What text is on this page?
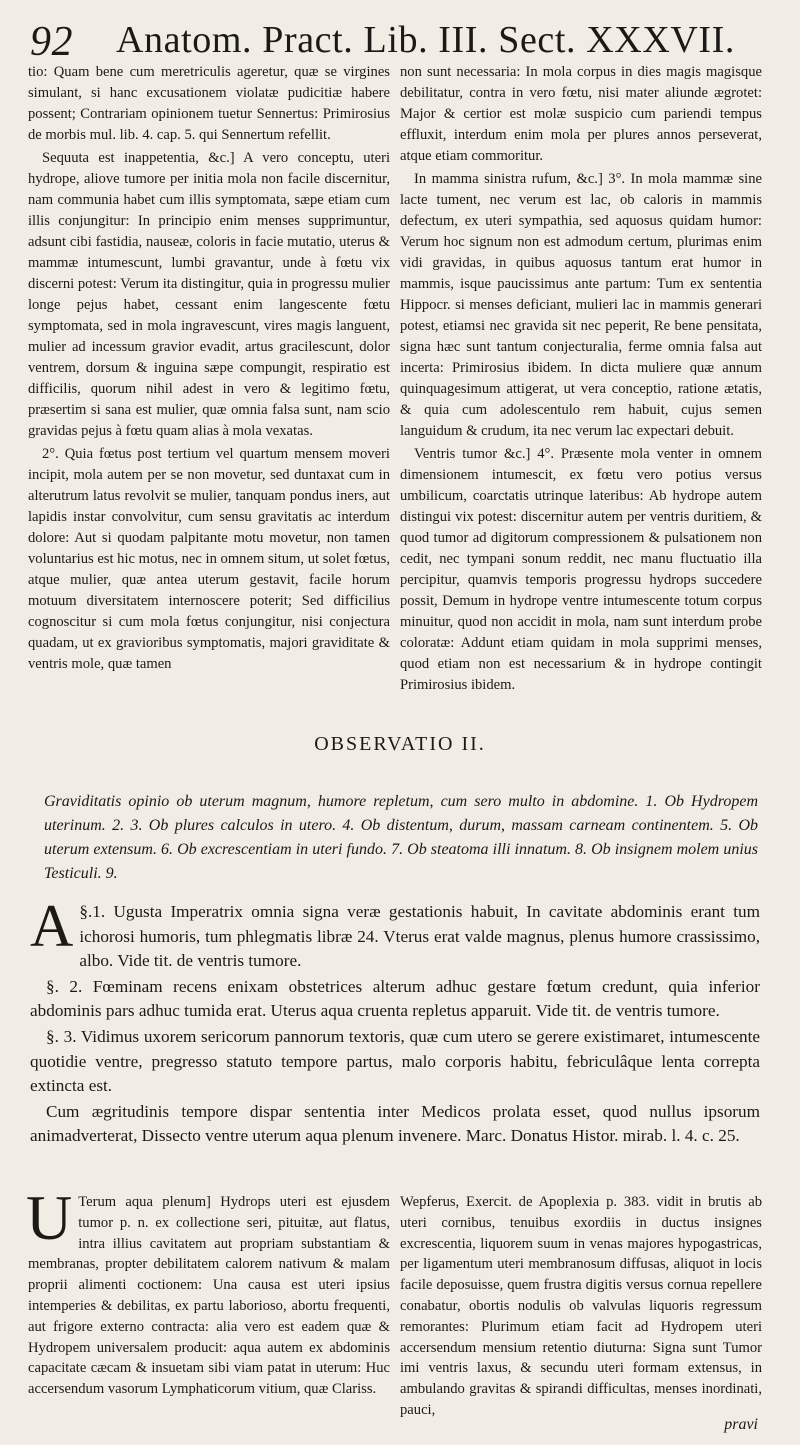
92 Anatom. Pract. Lib. III. Sect. XXXVII.

tio: Quam bene cum meretriculis ageretur, quæ se virgines simulant, si hanc excusationem violatæ pudicitiæ habere possent; Contrariam opinionem tuetur Sennertus: Primirosius de morbis mul. lib. 4. cap. 5. qui Sennertum refellit.

Sequuta est inappetentia, &c.] A vero conceptu, uteri hydrope, aliove tumore per initia mola non facile discernitur, nam communia habet cum illis symptomata, sæpe etiam cum illis conjungitur: In principio enim menses supprimuntur, adsunt cibi fastidia, nauseæ, coloris in facie mutatio, uterus & mammæ intumescunt, lumbi gravantur, unde à fœtu vix discerni potest: Verum ita distingitur, quia in progressu mulier longe pejus habet, cessant enim langescente fœtu symptomata, sed in mola ingravescunt, vires magis languent, mulier ad incessum gravior evadit, artus gracilescunt, dolor ventrem, dorsum & inguina sæpe compungit, respiratio est difficilis, quorum nihil adest in vero & legitimo fœtu, præsertim si sana est mulier, quæ omnia falsa sunt, nam scio gravidas pejus à fœtu quam alias à mola vexatas.

2°. Quia fœtus post tertium vel quartum mensem moveri incipit, mola autem per se non movetur, sed duntaxat cum in alterutrum latus revolvit se mulier, tanquam pondus iners, aut lapidis instar convolvitur, cum sensu gravitatis ac interdum dolore: Aut si quodam palpitante motu movetur, non tamen voluntarius est hic motus, nec in omnem situm, ut solet fœtus, atque mulier, quæ antea uterum gestavit, facile horum motuum diversitatem internoscere poterit; Sed difficilius cognoscitur si cum mola fœtus conjungitur, nisi conjectura quadam, ut ex gravioribus symptomatis, majori graviditate & ventris mole, quæ tamen

non sunt necessaria: In mola corpus in dies magis magisque debilitatur, contra in vero fœtu, nisi mater aliunde ægrotet: Major & certior est molæ suspicio cum pariendi tempus effluxit, interdum enim mola per plures annos perseverat, atque etiam commoritur.

In mamma sinistra rufum, &c.] 3°. In mola mammæ sine lacte tument, nec verum est lac, ob caloris in mammis defectum, ex uteri sympathia, sed aquosus quidam humor: Verum hoc signum non est admodum certum, plurimas enim vidi gravidas, in quibus aquosus tantum erat humor in mammis, isque paucissimus ante partum: Tum ex sententia Hippocr. si menses deficiant, mulieri lac in mammis generari potest, etiamsi nec gravida sit nec peperit, Re bene pensitata, signa hæc sunt tantum conjecturalia, ferme omnia falsa aut incerta: Primirosius ibidem. In dicta muliere quæ annum quinquagesimum attigerat, ut vera conceptio, ratione ætatis, & quia cum adolescentulo rem habuit, cujus semen languidum & crudum, ita nec verum lac expectari debuit.

Ventris tumor &c.] 4°. Præsente mola venter in omnem dimensionem intumescit, ex fœtu vero potius versus umbilicum, coarctatis utrinque lateribus: Ab hydrope autem distingui vix potest: discernitur autem per ventris duritiem, & quod tumor ad digitorum compressionem & pulsationem non cedit, nec tympani sonum reddit, nec manu fluctuatio illa percipitur, quamvis temporis progressu hydrops succedere possit, Demum in hydrope ventre intumescente totum corpus minuitur, quod non accidit in mola, nam sunt interdum probe coloratæ: Addunt etiam quidam in mola supprimi menses, quod etiam non est necessarium & in hydrope contingit Primirosius ibidem.

OBSERVATIO II.
Graviditatis opinio ob uterum magnum, humore repletum, cum sero multo in abdomine. 1. Ob Hydropem uterinum. 2. 3. Ob plures calculos in utero. 4. Ob distentum, durum, massam carneam continentem. 5. Ob uterum extensum. 6. Ob excrescentiam in uteri fundo. 7. Ob steatoma illi innatum. 8. Ob insignem molem unius Testiculi. 9.

§.1.
A Ugusta Imperatrix omnia signa veræ gestationis habuit, In cavitate abdominis erant tum ichorosi humoris, tum phlegmatis libræ 24. Vterus erat valde magnus, plenus humore crassissimo, albo. Vide tit. de ventris tumore.

§. 2. Fœminam recens enixam obstetrices alterum adhuc gestare fœtum credunt, quia inferior abdominis pars adhuc tumida erat. Uterus aqua cruenta repletus apparuit. Vide tit. de ventris tumore.

§. 3. Vidimus uxorem sericorum pannorum textoris, quæ cum utero se gerere existimaret, intumescente quotidie ventre, pregresso statuto tempore partus, malo corporis habitu, febriculâque lenta correpta extincta est.

Cum ægritudinis tempore dispar sententia inter Medicos prolata esset, quod nullus ipsorum animadverterat, Dissecto ventre uterum aqua plenum invenere. Marc. Donatus Histor. mirab. l. 4. c. 25.

U Terum aqua plenum] Hydrops uteri est ejusdem tumor p. n. ex collectione seri, pituitæ, aut flatus, intra illius cavitatem aut propriam substantiam & membranas, propter debilitatem calorem nativum & malam proprii alimenti coctionem: Una causa est uteri ipsius intemperies & debilitas, ex partu laborioso, abortu frequenti, aut frigore externo contracta: alia vero est eadem quæ & Hydropem universalem producit: aqua autem ex abdominis capacitate cæcam & insuetam sibi viam patat in uterum: Huc accersendum vasorum Lymphaticorum vitium, quæ Clariss.
Wepferus, Exercit. de Apoplexia p. 383. vidit in brutis ab uteri cornibus, tenuibus exordiis in ductus insignes excrescentia, liquorem suum in venas majores hypogastricas, per ligamentum uteri membranosum diffusas, aliquot in locis facile deposuisse, quem frustra digitis versus cornua repellere conabatur, obortis nodulis ob valvulas liquoris regressum remorantes: Plurimum etiam facit ad Hydropem uteri accersendum mensium retentio diuturna: Signa sunt Tumor imi ventris laxus, & secundu uteri formam extensus, in ambulando gravitas & spirandi difficultas, menses inordinati, pauci,
pravi
